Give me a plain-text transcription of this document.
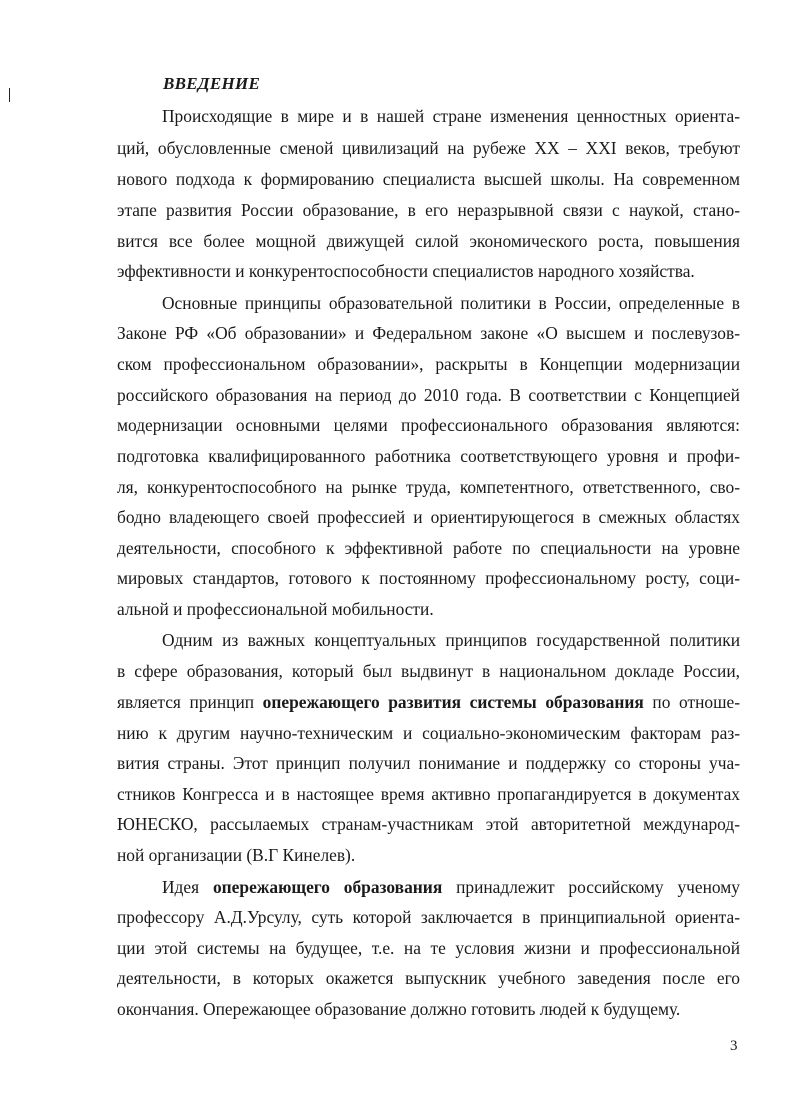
ВВЕДЕНИЕ
Происходящие в мире и в нашей стране изменения ценностных ориента-
ций, обусловленные сменой цивилизаций на рубеже XX – XXI веков, требуют
нового подхода к формированию специалиста высшей школы. На современном
этапе развития России образование, в его неразрывной связи с наукой, стано-
вится все более мощной движущей силой экономического роста, повышения
эффективности и конкурентоспособности специалистов народного хозяйства.
Основные принципы образовательной политики в России, определенные в
Законе РФ «Об образовании» и Федеральном законе «О высшем и послевузов-
ском профессиональном образовании», раскрыты в Концепции модернизации
российского образования на период до 2010 года. В соответствии с Концепцией
модернизации основными целями профессионального образования являются:
подготовка квалифицированного работника соответствующего уровня и профи-
ля, конкурентоспособного на рынке труда, компетентного, ответственного, сво-
бодно владеющего своей профессией и ориентирующегося в смежных областях
деятельности, способного к эффективной работе по специальности на уровне
мировых стандартов, готового к постоянному профессиональному росту, соци-
альной и профессиональной мобильности.
Одним из важных концептуальных принципов государственной политики
в сфере образования, который был выдвинут в национальном докладе России,
является принцип опережающего развития системы образования по отноше-
нию к другим научно-техническим и социально-экономическим факторам раз-
вития страны. Этот принцип получил понимание и поддержку со стороны уча-
стников Конгресса и в настоящее время активно пропагандируется в документах
ЮНЕСКО, рассылаемых странам-участникам этой авторитетной международ-
ной организации (В.Г Кинелев).
Идея опережающего образования принадлежит российскому ученому
профессору А.Д.Урсулу, суть которой заключается в принципиальной ориента-
ции этой системы на будущее, т.е. на те условия жизни и профессиональной
деятельности, в которых окажется выпускник учебного заведения после его
окончания. Опережающее образование должно готовить людей к будущему.
3
